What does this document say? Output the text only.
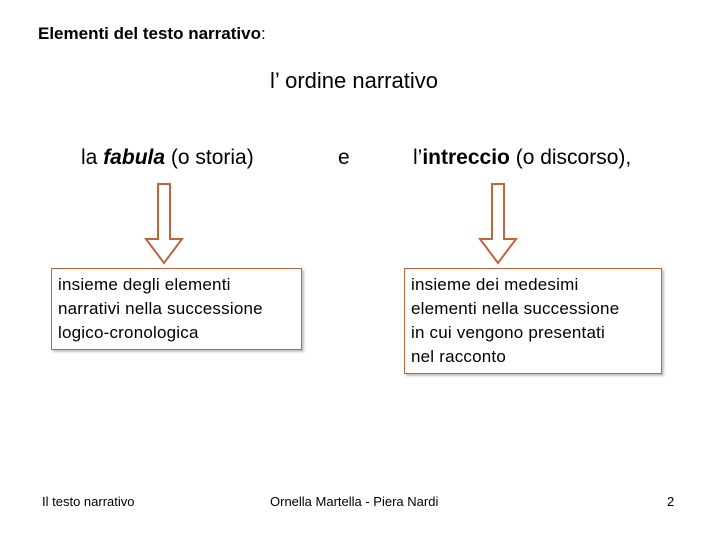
Elementi del testo narrativo:
l’ ordine narrativo
la fabula (o storia)	e	l’intreccio (o discorso),
insieme degli elementi
narrativi nella successione
logico-cronologica
insieme dei medesimi
elementi nella successione
in cui vengono presentati
nel racconto
Il testo narrativo	Ornella Martella - Piera Nardi	2
